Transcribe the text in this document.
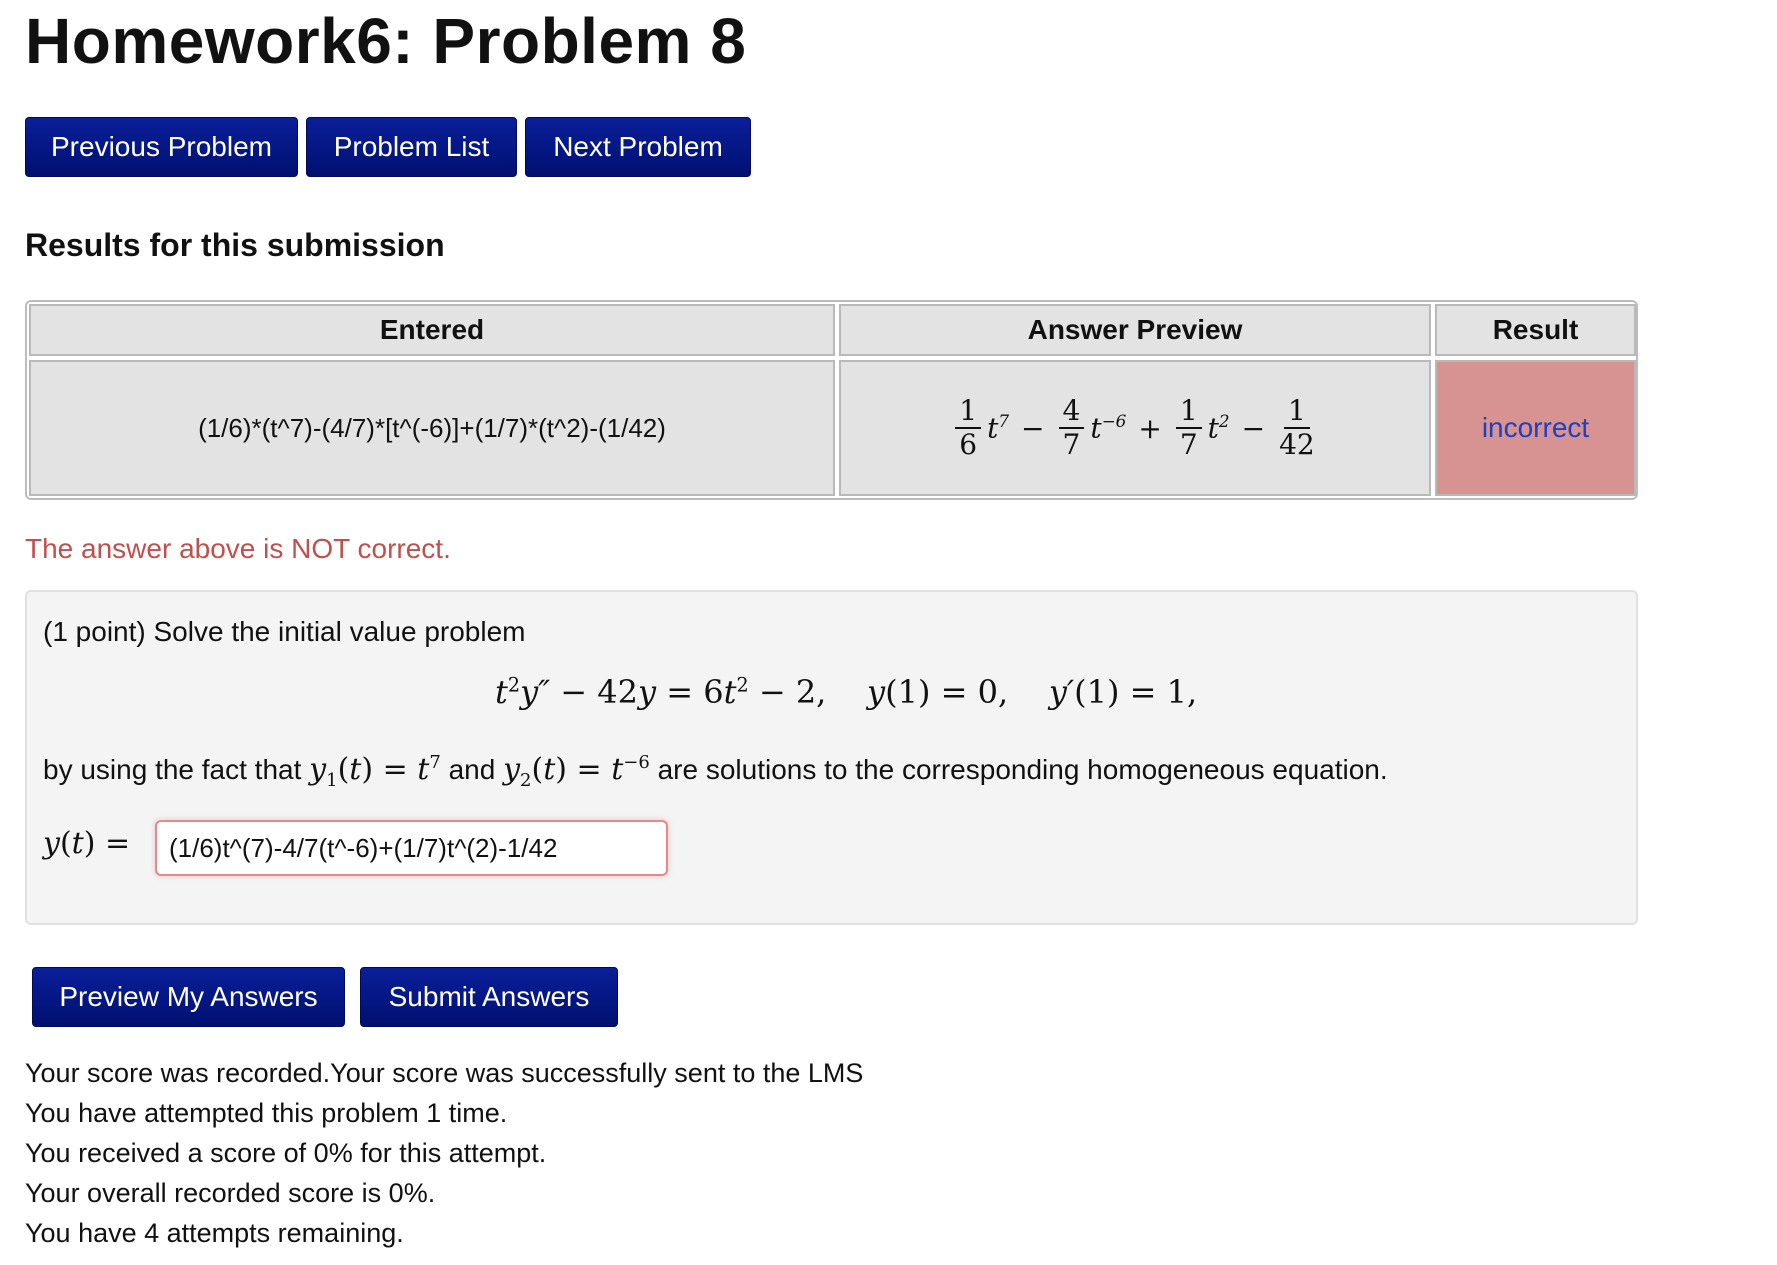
Homework6: Problem 8
Previous Problem	Problem List	Next Problem
Results for this submission
Entered	Answer Preview	Result
(1/6)*(t^7)-(4/7)*[t^(-6)]+(1/7)*(t^2)-(1/42)	$\frac{1}{6} t^7 - \frac{4}{7} t^{-6} + \frac{1}{7} t^2 - \frac{1}{42}$	incorrect
The answer above is NOT correct.
(1 point) Solve the initial value problem
$t^2y'' - 42y = 6t^2 - 2$,    y(1) = 0,    y′(1) = 1,
by using the fact that $y_1(t) = t^7$ and $y_2(t) = t^{-6}$ are solutions to the corresponding homogeneous equation.
y(t) =
(1/6)t^(7)-4/7(t^-6)+(1/7)t^(2)-1/42
Preview My Answers	Submit Answers
Your score was recorded.Your score was successfully sent to the LMS
You have attempted this problem 1 time.
You received a score of 0% for this attempt.
Your overall recorded score is 0%.
You have 4 attempts remaining.
